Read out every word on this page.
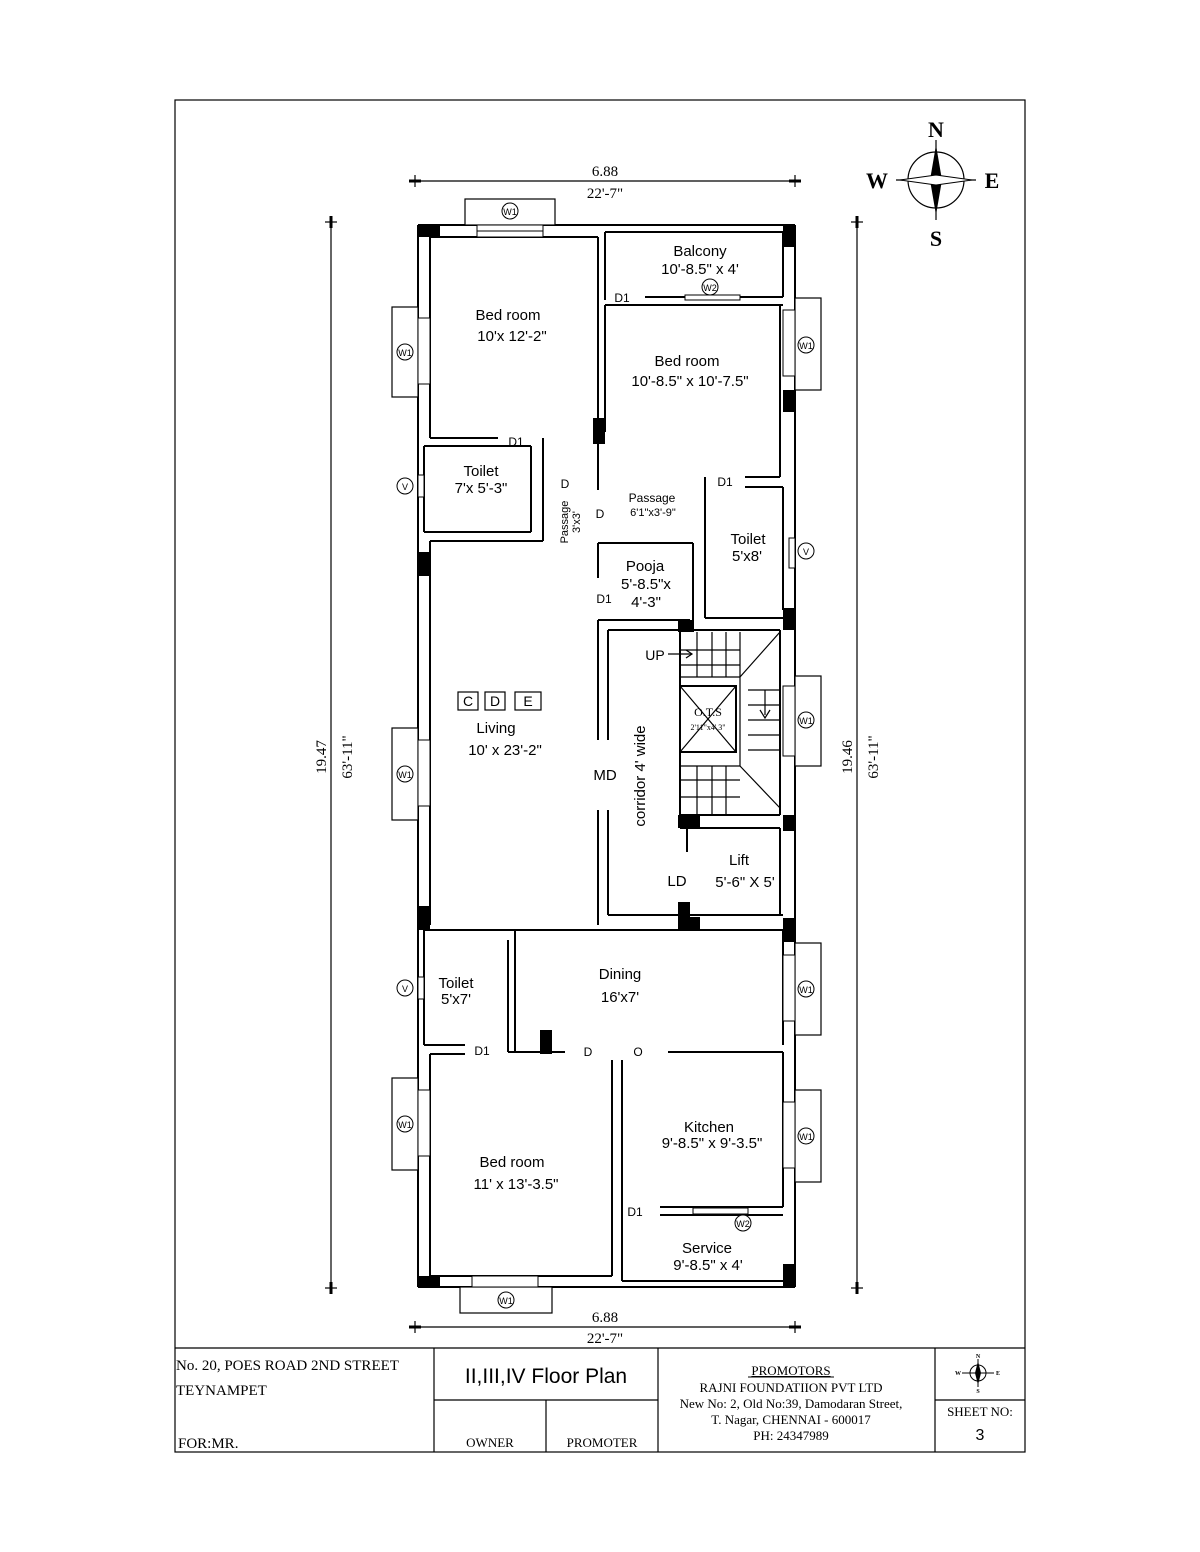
6.88
22'-7"
6.88
22'-7"
19.47 63'-11"	19.46 63'-11"
N
S
E
W
W1
W1
W1
W2
W1
W1
W1
W1
W1
W2
W1
V
V
V
O.T.S
2'11"x4' 3"
Bed room
10'x 12'-2"
Balcony
10'-8.5" x 4'
Bed room
10'-8.5" x 10'-7.5"
Toilet
7'x 5'-3"
Passage 3'x3'
Passage
6'1"x3'-9"
Toilet
5'x8'
Pooja
5'-8.5"x
4'-3"
Living
10' x 23'-2"	corridor 4' wide
Lift
5'-6" X 5'
Dining
16'x7'
Toilet
5'x7'
Bed room
11' x 13'-3.5"
Kitchen
9'-8.5" x 9'-3.5"
Service
9'-8.5" x 4'
D1
D1
D1
D
D
D1
MD
LD
UP
D1	D	O
D1
C D E
No. 20, POES ROAD 2ND STREET
TEYNAMPET
FOR:MR.
II,III,IV Floor Plan
OWNER	PROMOTER
PROMOTORS
RAJNI FOUNDATIION PVT LTD
New No: 2, Old No:39, Damodaran Street,
T. Nagar, CHENNAI - 600017
PH: 24347989
N
S
E
W
SHEET NO:
3
